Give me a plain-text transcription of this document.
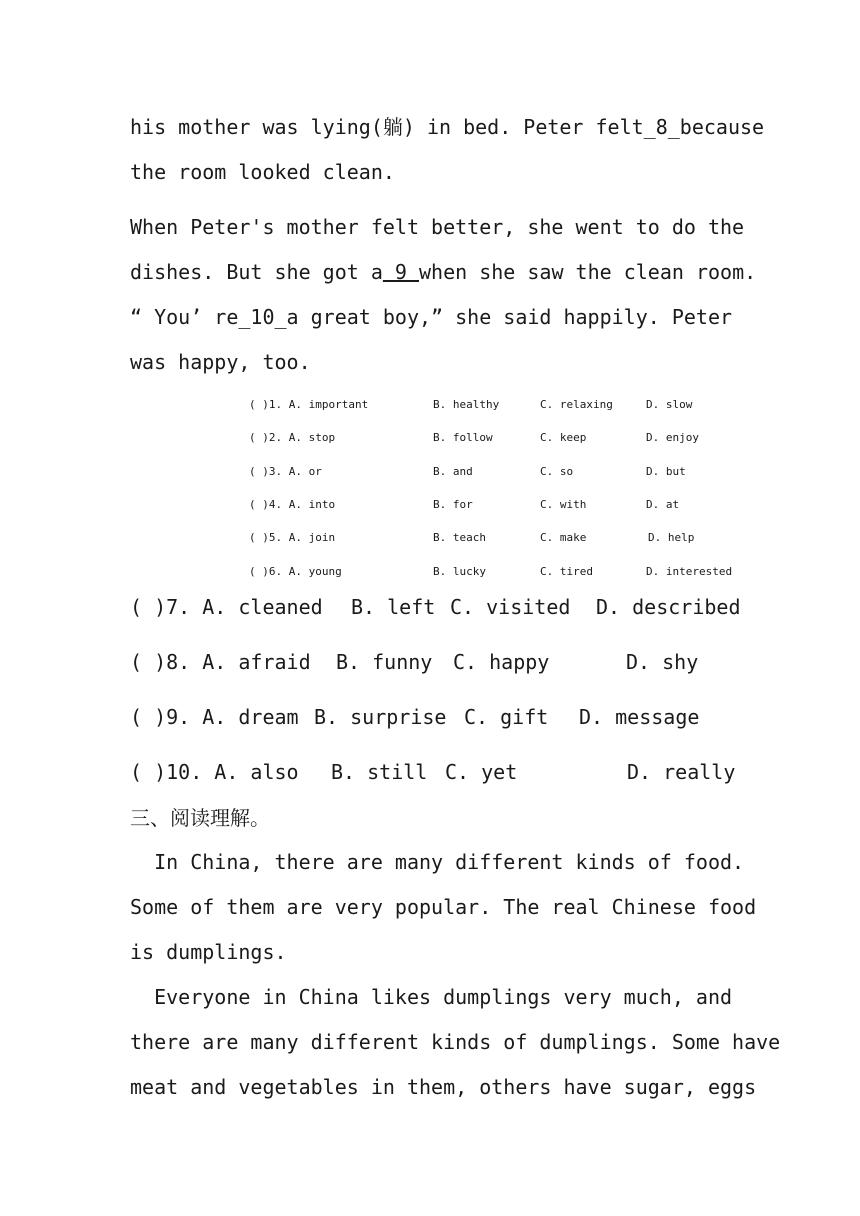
his mother was lying(躺) in bed. Peter felt_8_because
the room looked clean.
When Peter's mother felt better, she went to do the
dishes. But she got a 9 when she saw the clean room.
“ You’ re_10_a great boy,” she said happily. Peter
was happy, too.
( )1. A. important	B. healthy	C. relaxing	D. slow
( )2. A. stop	B. follow	C. keep	D. enjoy
( )3. A. or	B. and	C. so	D. but
( )4. A. into	B. for	C. with	D. at
( )5. A. join	B. teach	C. make	D. help
( )6. A. young	B. lucky	C. tired	D. interested
( )7. A. cleaned B. left C. visited D. described
( )8. A. afraid B. funny C. happy	D. shy
( )9. A. dream B. surprise C. gift D. message
( )10. A. also B. still C. yet	D. really
三、阅读理解。
In China, there are many different kinds of food.
Some of them are very popular. The real Chinese food
is dumplings.
Everyone in China likes dumplings very much, and
there are many different kinds of dumplings. Some have
meat and vegetables in them, others have sugar, eggs
